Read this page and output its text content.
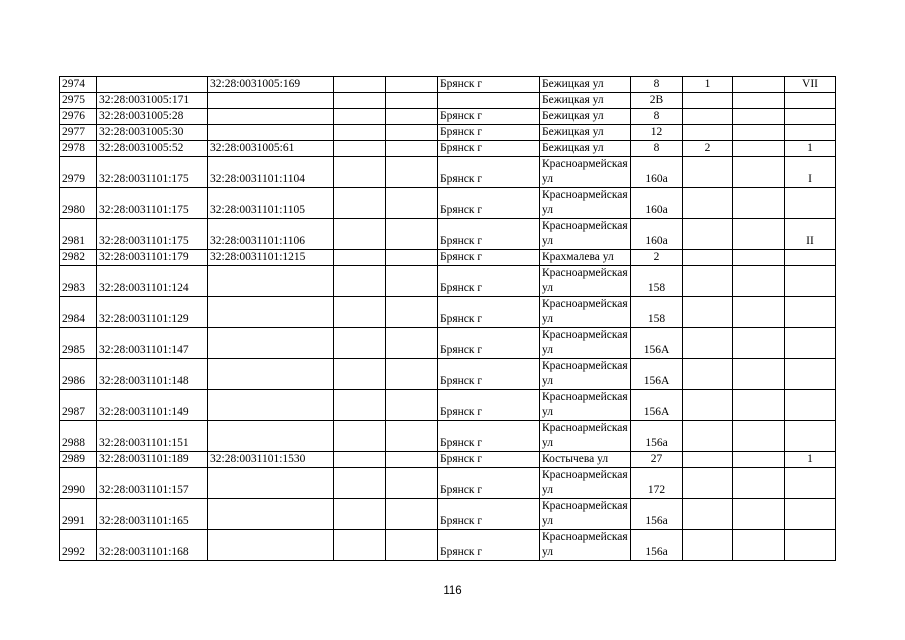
2974		32:28:0031005:169			Брянск г	Бежицкая ул	8	1		VII
2975	32:28:0031005:171					Бежицкая ул	2В			
2976	32:28:0031005:28				Брянск г	Бежицкая ул	8			
2977	32:28:0031005:30				Брянск г	Бежицкая ул	12			
2978	32:28:0031005:52	32:28:0031005:61			Брянск г	Бежицкая ул	8	2		1
2979	32:28:0031101:175	32:28:0031101:1104			Брянск г	Красноармейская ул	160а			I
2980	32:28:0031101:175	32:28:0031101:1105			Брянск г	Красноармейская ул	160а			
2981	32:28:0031101:175	32:28:0031101:1106			Брянск г	Красноармейская ул	160а			II
2982	32:28:0031101:179	32:28:0031101:1215			Брянск г	Крахмалева ул	2			
2983	32:28:0031101:124				Брянск г	Красноармейская ул	158			
2984	32:28:0031101:129				Брянск г	Красноармейская ул	158			
2985	32:28:0031101:147				Брянск г	Красноармейская ул	156А			
2986	32:28:0031101:148				Брянск г	Красноармейская ул	156А			
2987	32:28:0031101:149				Брянск г	Красноармейская ул	156А			
2988	32:28:0031101:151				Брянск г	Красноармейская ул	156а			
2989	32:28:0031101:189	32:28:0031101:1530			Брянск г	Костычева ул	27			1
2990	32:28:0031101:157				Брянск г	Красноармейская ул	172			
2991	32:28:0031101:165				Брянск г	Красноармейская ул	156а			
2992	32:28:0031101:168				Брянск г	Красноармейская ул	156а			
116
